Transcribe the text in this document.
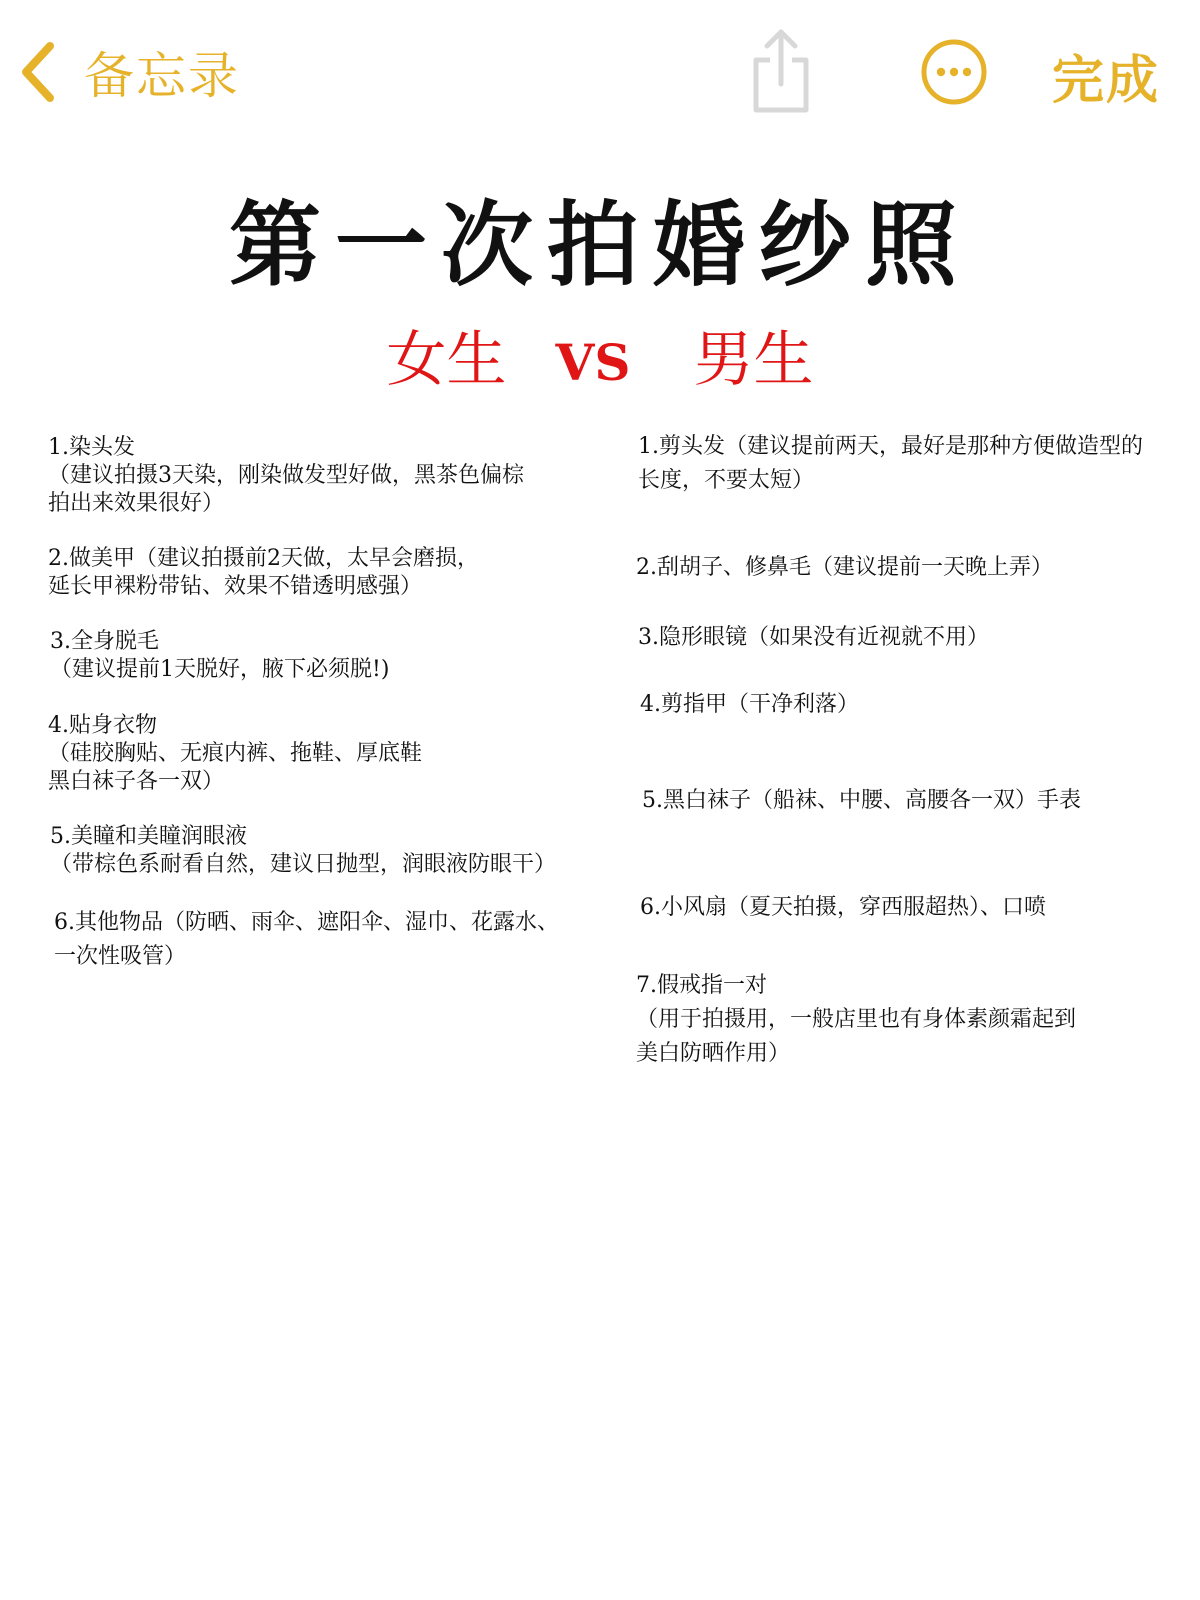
备忘录	完成
第一次拍婚纱照
女生 VS 男生
1.染头发
（建议拍摄3天染，刚染做发型好做，黑茶色偏棕
拍出来效果很好）
2.做美甲（建议拍摄前2天做，太早会磨损，
延长甲裸粉带钻、效果不错透明感强）
3.全身脱毛
（建议提前1天脱好，腋下必须脱!)
4.贴身衣物
（硅胶胸贴、无痕内裤、拖鞋、厚底鞋
黑白袜子各一双）
5.美瞳和美瞳润眼液
（带棕色系耐看自然，建议日抛型，润眼液防眼干）
6.其他物品（防晒、雨伞、遮阳伞、湿巾、花露水、
一次性吸管）
1.剪头发（建议提前两天，最好是那种方便做造型的
长度，不要太短）
2.刮胡子、修鼻毛（建议提前一天晚上弄）
3.隐形眼镜（如果没有近视就不用）
4.剪指甲（干净利落）
5.黑白袜子（船袜、中腰、高腰各一双）手表
6.小风扇（夏天拍摄，穿西服超热）、口喷
7.假戒指一对
（用于拍摄用，一般店里也有身体素颜霜起到
美白防晒作用）
